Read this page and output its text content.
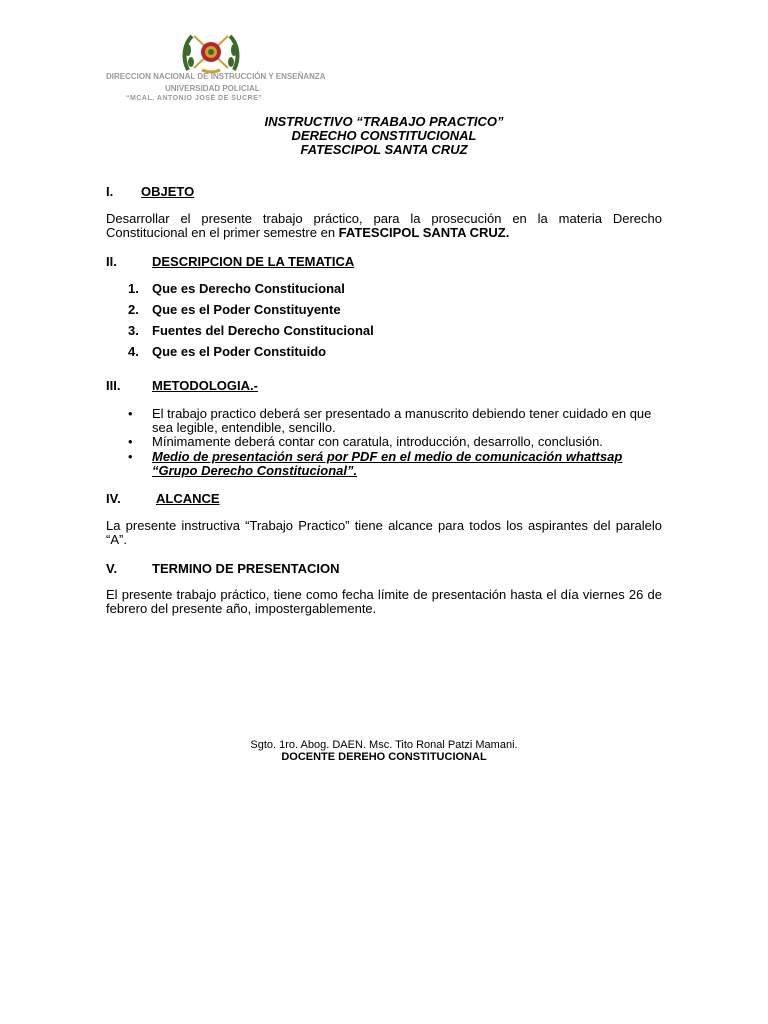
DIRECCION NACIONAL DE INSTRUCCIÓN Y ENSEÑANZA
UNIVERSIDAD POLICIAL
“MCAL. ANTONIO JOSÉ DE SUCRE”
INSTRUCTIVO “TRABAJO PRACTICO”
DERECHO CONSTITUCIONAL
FATESCIPOL SANTA CRUZ
I. OBJETO
Desarrollar el presente trabajo práctico, para la prosecución en la materia Derecho Constitucional en el primer semestre en FATESCIPOL SANTA CRUZ.
II.	DESCRIPCION DE LA TEMATICA
1. Que es Derecho Constitucional
2. Que es el Poder Constituyente
3. Fuentes del Derecho Constitucional
4. Que es el Poder Constituido
III. METODOLOGIA.-
• El trabajo practico deberá ser presentado a manuscrito debiendo tener cuidado en que sea legible, entendible, sencillo.
• Mínimamente deberá contar con caratula, introducción, desarrollo, conclusión.
• Medio de presentación será por PDF en el medio de comunicación whattsap “Grupo Derecho Constitucional”.
IV.	ALCANCE
La presente instructiva “Trabajo Practico” tiene alcance para todos los aspirantes del paralelo “A”.
V.	TERMINO DE PRESENTACION
El presente trabajo práctico, tiene como fecha límite de presentación hasta el día viernes 26 de febrero del presente año, impostergablemente.
Sgto. 1ro. Abog. DAEN. Msc. Tito Ronal Patzi Mamani.
DOCENTE DEREHO CONSTITUCIONAL
